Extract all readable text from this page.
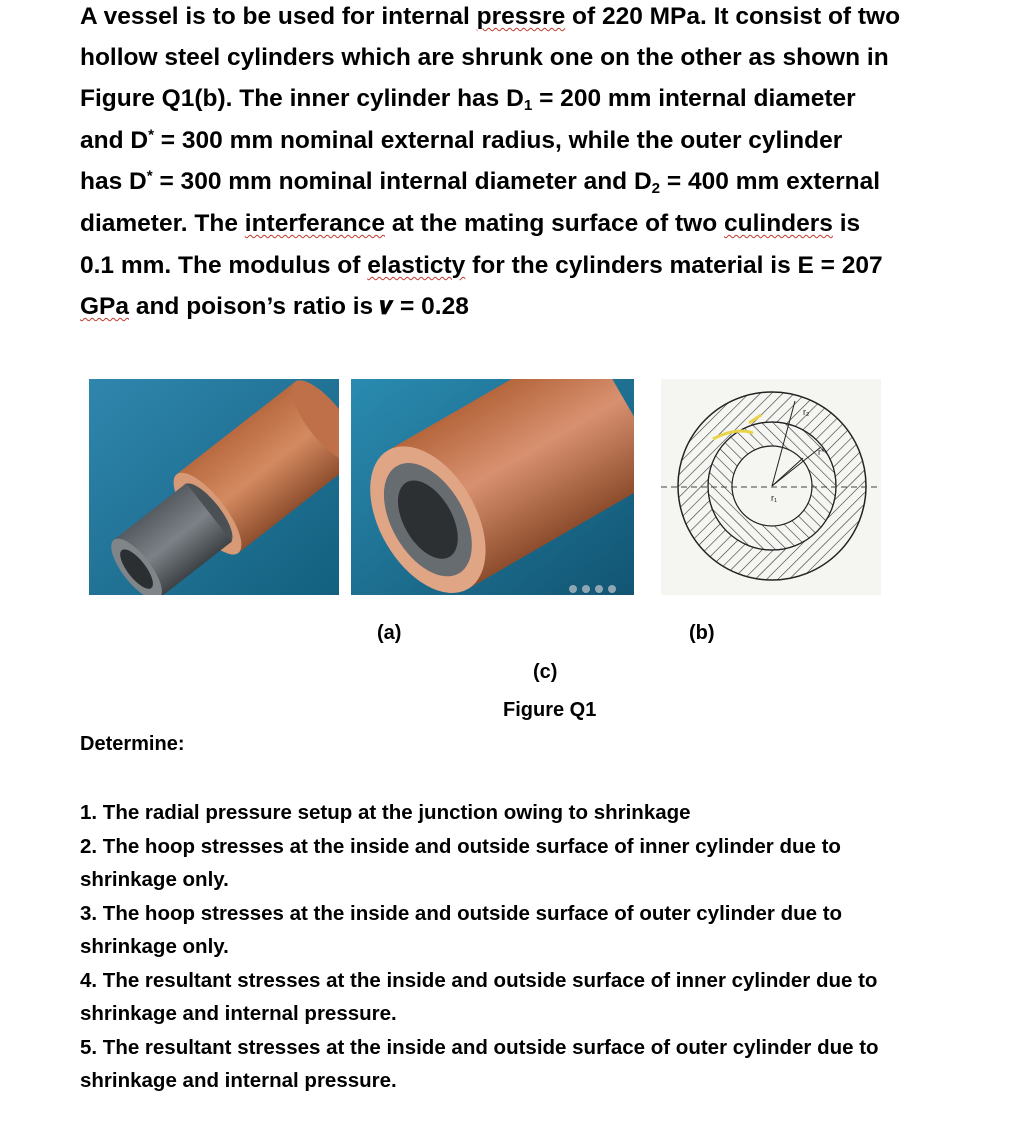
A vessel is to be used for internal pressre of 220 MPa. It consist of two
hollow steel cylinders which are shrunk one on the other as shown in
Figure Q1(b). The inner cylinder has $D_1 = 200$ mm internal diameter
and D* = 300 mm nominal external radius, while the outer cylinder
has D* = 300 mm nominal internal diameter and $D_2 = 400$ mm external
diameter. The interferance at the mating surface of two culinders is
0.1 mm. The modulus of elasticty for the cylinders material is E = 207
GPa and poison’s ratio is 𝒗 = 0.28
r₂
r*
r₁
(a)	(b)
(c)
Figure Q1
Determine:
1. The radial pressure setup at the junction owing to shrinkage
2. The hoop stresses at the inside and outside surface of inner cylinder due to
shrinkage only.
3. The hoop stresses at the inside and outside surface of outer cylinder due to
shrinkage only.
4. The resultant stresses at the inside and outside surface of inner cylinder due to
shrinkage and internal pressure.
5. The resultant stresses at the inside and outside surface of outer cylinder due to
shrinkage and internal pressure.
